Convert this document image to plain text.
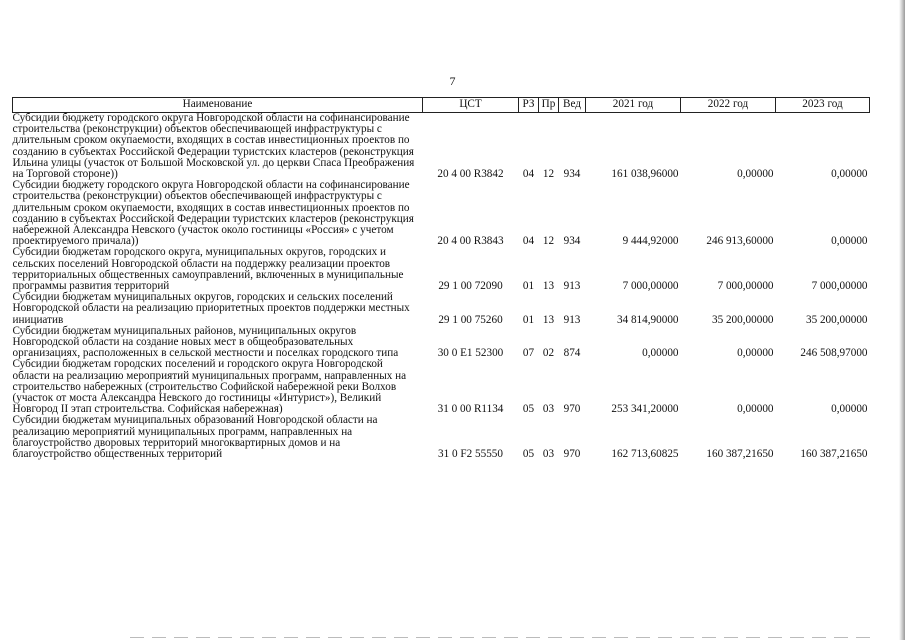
7
Наименование	ЦСТ	РЗ	Пр	Вед	2021 год	2022 год	2023 год
Субсидии бюджету городского округа Новгородской области на софинансирование строительства (реконструкции) объектов обеспечивающей инфраструктуры с длительным сроком окупаемости, входящих в состав инвестиционных проектов по созданию в субъектах Российской Федерации туристских кластеров (реконструкция Ильина улицы (участок от Большой Московской ул. до церкви Спаса Преображения на Торговой стороне))	20 4 00 R3842	04	12	934	161 038,96000	0,00000	0,00000
Субсидии бюджету городского округа Новгородской области на софинансирование строительства (реконструкции) объектов обеспечивающей инфраструктуры с длительным сроком окупаемости, входящих в состав инвестиционных проектов по созданию в субъектах Российской Федерации туристских кластеров (реконструкция набережной Александра Невского (участок около гостиницы «Россия» с учетом проектируемого причала))	20 4 00 R3843	04	12	934	9 444,92000	246 913,60000	0,00000
Субсидии бюджетам городского округа, муниципальных округов, городских и сельских поселений Новгородской области на поддержку реализации проектов территориальных общественных самоуправлений, включенных в муниципальные программы развития территорий	29 1 00 72090	01	13	913	7 000,00000	7 000,00000	7 000,00000
Субсидии бюджетам муниципальных округов, городских и сельских поселений Новгородской области на реализацию приоритетных проектов поддержки местных инициатив	29 1 00 75260	01	13	913	34 814,90000	35 200,00000	35 200,00000
Субсидии бюджетам муниципальных районов, муниципальных округов Новгородской области на создание новых мест в общеобразовательных организациях, расположенных в сельской местности и поселках городского типа	30 0 E1 52300	07	02	874	0,00000	0,00000	246 508,97000
Субсидии бюджетам городских поселений и городского округа Новгородской области на реализацию мероприятий муниципальных программ, направленных на строительство набережных (строительство Софийской набережной реки Волхов (участок от моста Александра Невского до гостиницы «Интурист»), Великий Новгород II этап строительства. Софийская набережная)	31 0 00 R1134	05	03	970	253 341,20000	0,00000	0,00000
Субсидии бюджетам муниципальных образований Новгородской области на реализацию мероприятий муниципальных программ, направленных на благоустройство дворовых территорий многоквартирных домов и на благоустройство общественных территорий	31 0 F2 55550	05	03	970	162 713,60825	160 387,21650	160 387,21650
